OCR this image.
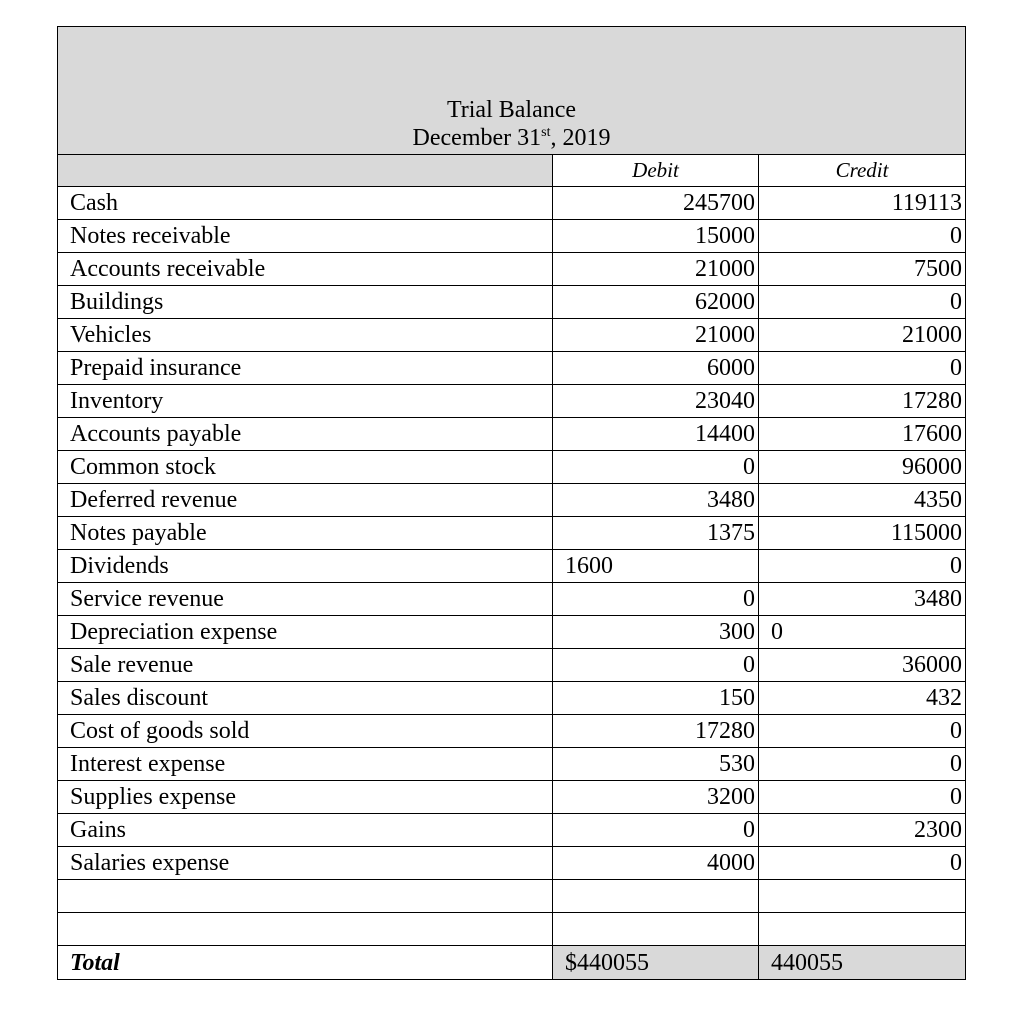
Trial Balance
December 31st, 2019		

	Debit	Credit
Cash	245700	119113
Notes receivable	15000	0
Accounts receivable	21000	7500
Buildings	62000	0
Vehicles	21000	21000
Prepaid insurance	6000	0
Inventory	23040	17280
Accounts payable	14400	17600
Common stock	0	96000
Deferred revenue	3480	4350
Notes payable	1375	115000
Dividends	1600	0
Service revenue	0	3480
Depreciation expense	300	0
Sale revenue	0	36000
Sales discount	150	432
Cost of goods sold	17280	0
Interest expense	530	0
Supplies expense	3200	0
Gains	0	2300
Salaries expense	4000	0

Total	$440055	440055
